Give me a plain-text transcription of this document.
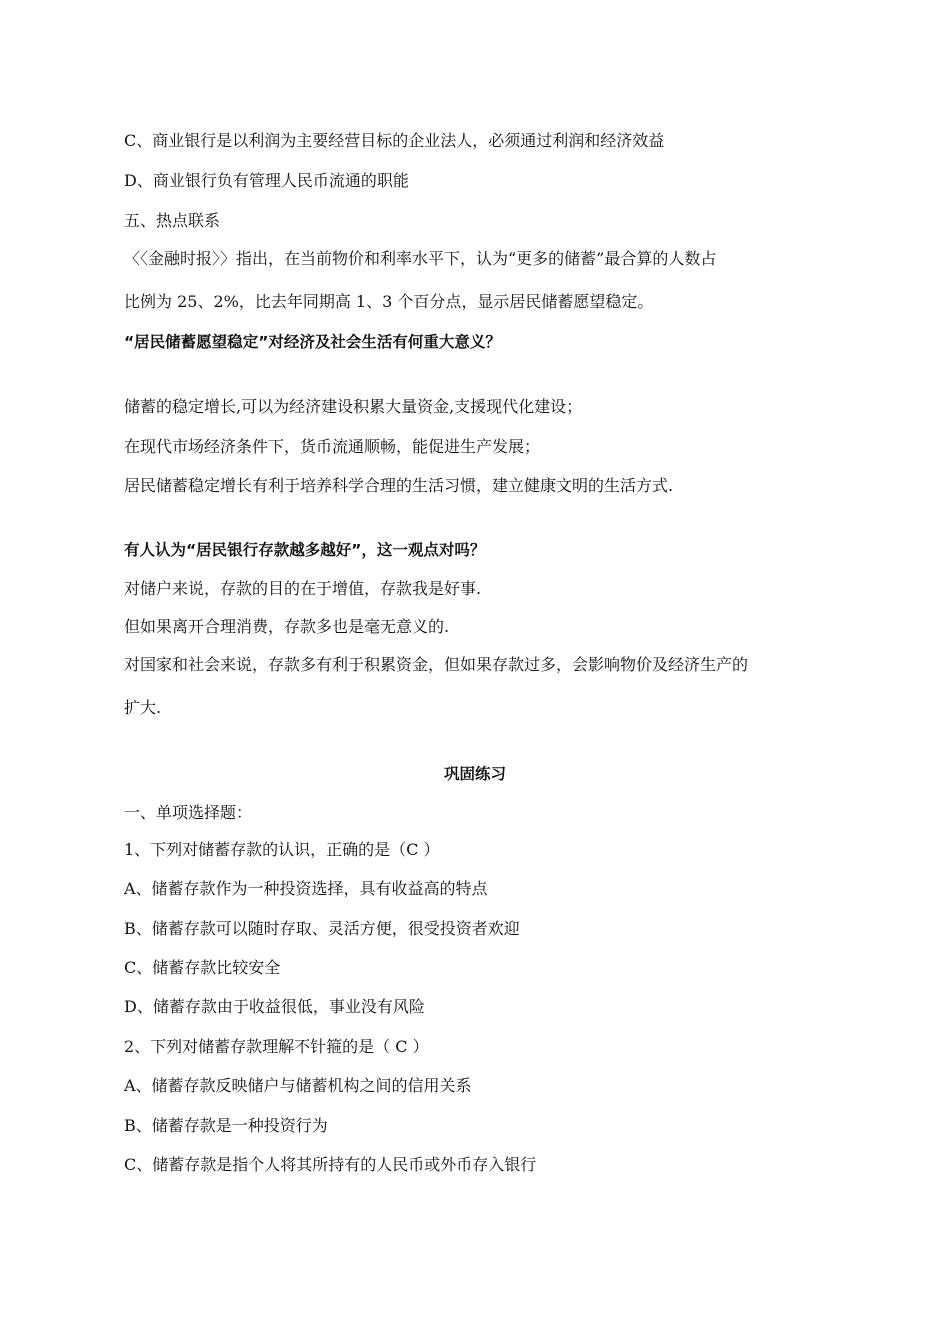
C、商业银行是以利润为主要经营目标的企业法人，必须通过利润和经济效益
D、商业银行负有管理人民币流通的职能
五、热点联系
〈〈金融时报〉〉指出，在当前物价和利率水平下，认为“更多的储蓄”最合算的人数占
比例为 25、2%，比去年同期高 1、3 个百分点，显示居民储蓄愿望稳定。
“居民储蓄愿望稳定”对经济及社会生活有何重大意义？
储蓄的稳定增长,可以为经济建设积累大量资金,支援现代化建设；
在现代市场经济条件下，货币流通顺畅，能促进生产发展；
居民储蓄稳定增长有利于培养科学合理的生活习惯，建立健康文明的生活方式.
有人认为“居民银行存款越多越好”，这一观点对吗？
对储户来说，存款的目的在于增值，存款我是好事.
但如果离开合理消费，存款多也是毫无意义的.
对国家和社会来说，存款多有利于积累资金，但如果存款过多，会影响物价及经济生产的
扩大.
巩固练习
一、单项选择题：
1、下列对储蓄存款的认识，正确的是（C ）
A、储蓄存款作为一种投资选择，具有收益高的特点
B、储蓄存款可以随时存取、灵活方便，很受投资者欢迎
C、储蓄存款比较安全
D、储蓄存款由于收益很低，事业没有风险
2、下列对储蓄存款理解不针箍的是（ C ）
A、储蓄存款反映储户与储蓄机构之间的信用关系
B、储蓄存款是一种投资行为
C、储蓄存款是指个人将其所持有的人民币或外币存入银行
